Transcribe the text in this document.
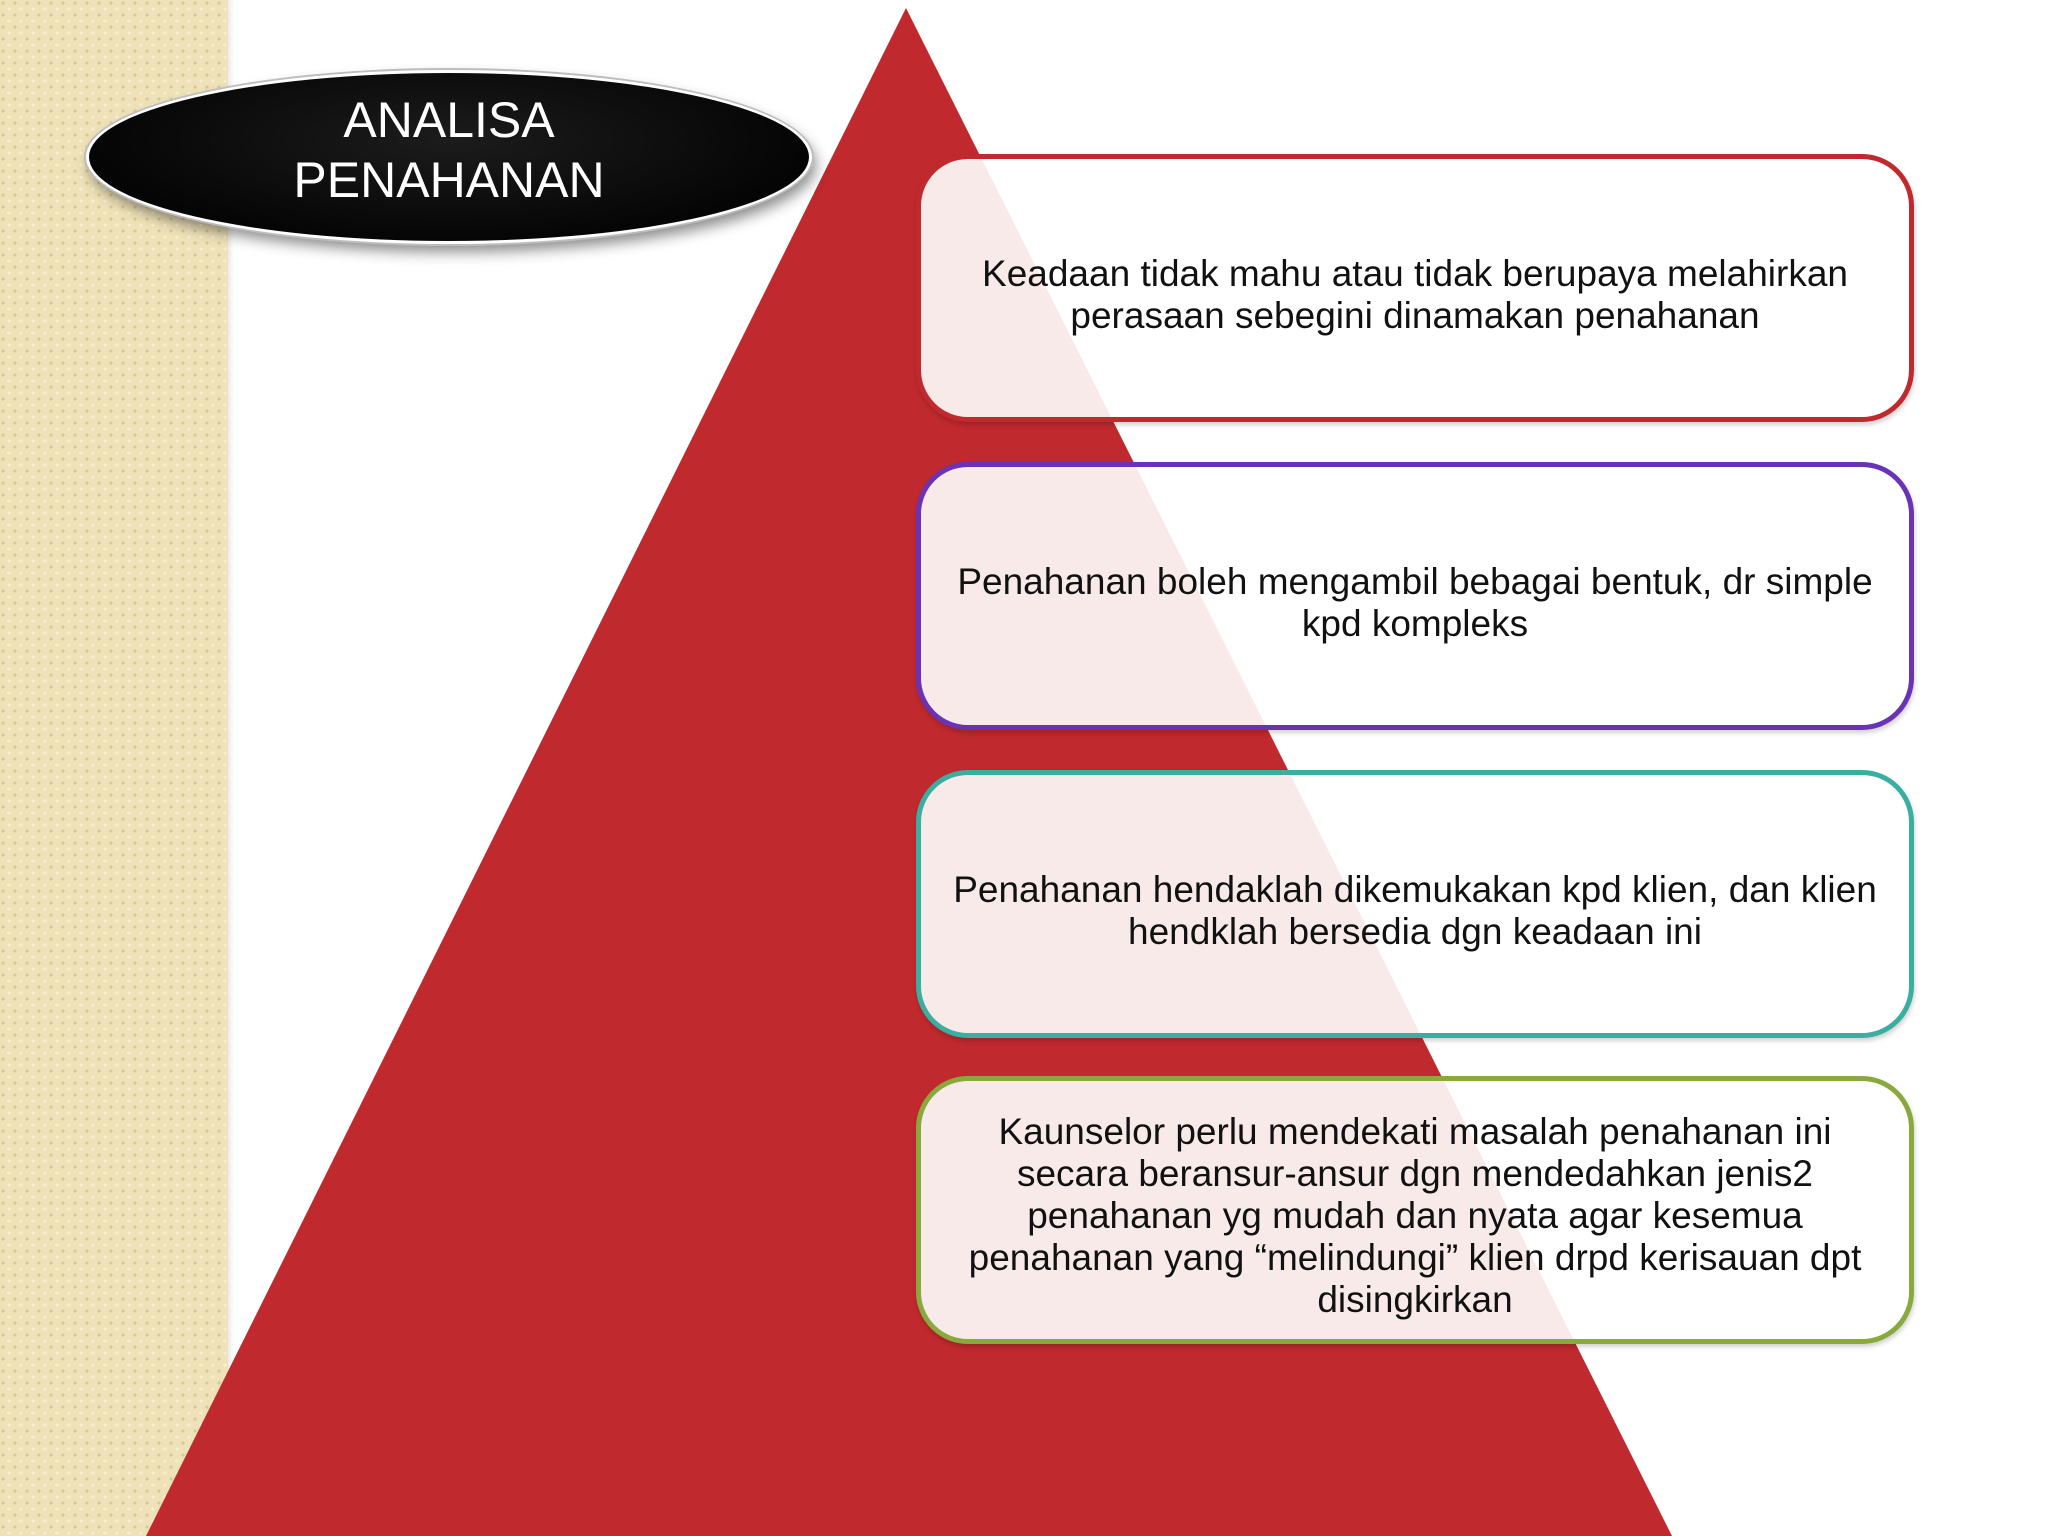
ANALISA
PENAHANAN
Keadaan tidak mahu atau tidak berupaya melahirkan perasaan sebegini dinamakan penahanan
Penahanan boleh mengambil bebagai bentuk, dr simple kpd kompleks
Penahanan hendaklah dikemukakan kpd klien, dan klien hendklah bersedia dgn keadaan ini
Kaunselor perlu mendekati masalah penahanan ini secara beransur-ansur dgn mendedahkan jenis2 penahanan yg mudah dan nyata agar kesemua penahanan yang “melindungi” klien drpd kerisauan dpt disingkirkan
